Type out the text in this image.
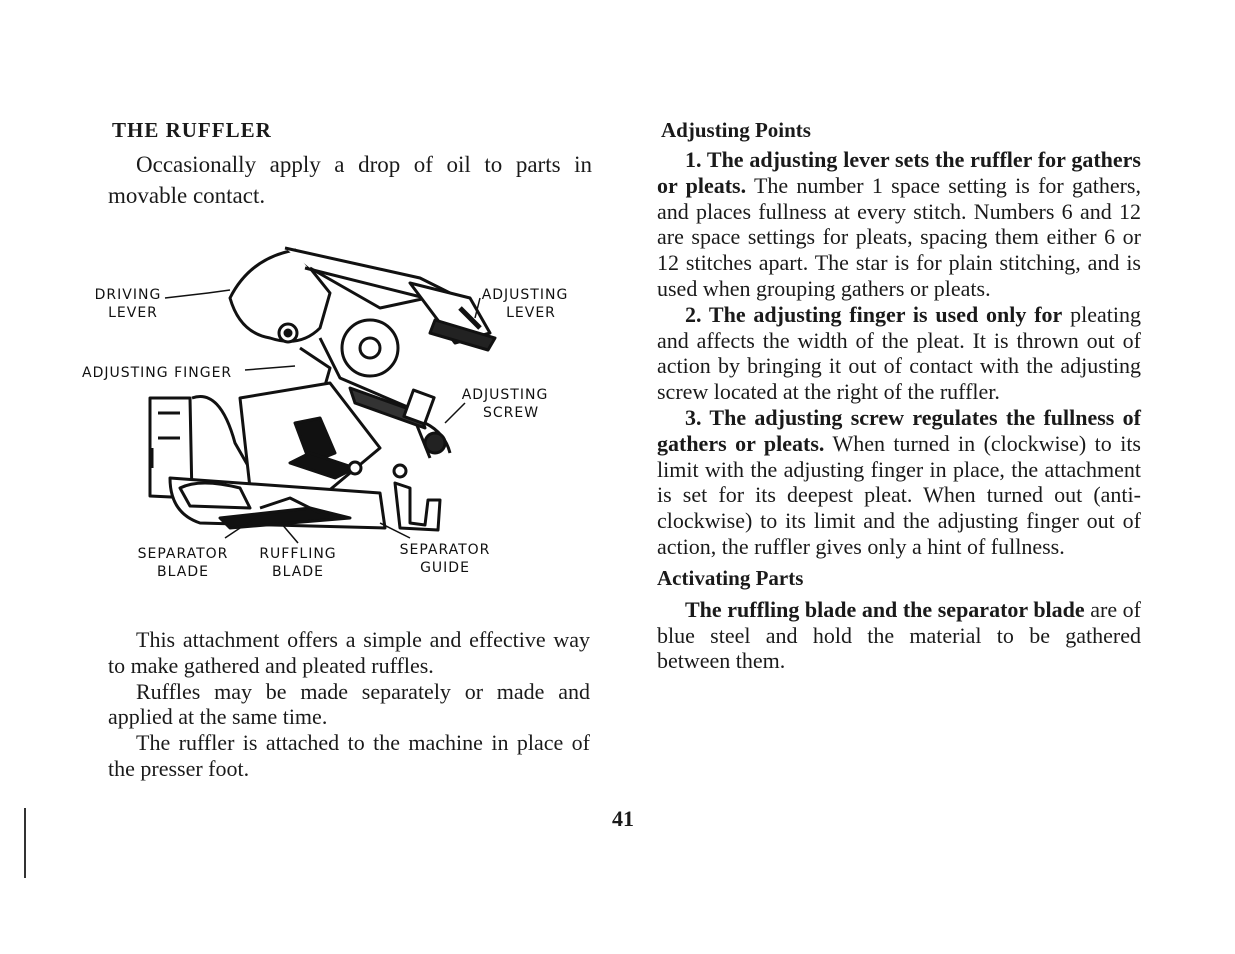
THE RUFFLER

Occasionally apply a drop of oil to parts in movable contact.

DRIVING
LEVER
ADJUSTING
LEVER
ADJUSTING FINGER
ADJUSTING
SCREW
SEPARATOR
BLADE
RUFFLING
BLADE
SEPARATOR
GUIDE

This attachment offers a simple and effective way to make gathered and pleated ruffles.

Ruffles may be made separately or made and applied at the same time.

The ruffler is attached to the machine in place of the presser foot.

Adjusting Points

1. The adjusting lever sets the ruffler for gathers or pleats. The number 1 space setting is for gathers, and places fullness at every stitch. Numbers 6 and 12 are space settings for pleats, spacing them either 6 or 12 stitches apart. The star is for plain stitching, and is used when grouping gathers or pleats.

2. The adjusting finger is used only for pleating and affects the width of the pleat. It is thrown out of action by bringing it out of contact with the adjusting screw located at the right of the ruffler.

3. The adjusting screw regulates the fullness of gathers or pleats. When turned in (clockwise) to its limit with the adjusting finger in place, the attachment is set for its deepest pleat. When turned out (anti-clockwise) to its limit and the adjusting finger out of action, the ruffler gives only a hint of fullness.

Activating Parts

The ruffling blade and the separator blade are of blue steel and hold the material to be gathered between them.

41
